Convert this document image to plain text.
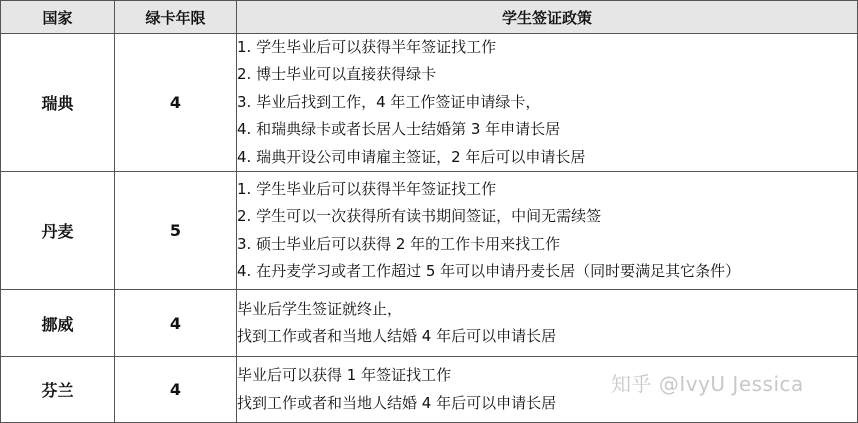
国家	绿卡年限	学生签证政策
瑞典	4	1. 学生毕业后可以获得半年签证找工作
2. 博士毕业可以直接获得绿卡
3. 毕业后找到工作，4 年工作签证申请绿卡，
4. 和瑞典绿卡或者长居人士结婚第 3 年申请长居
4. 瑞典开设公司申请雇主签证，2 年后可以申请长居

丹麦	5	1. 学生毕业后可以获得半年签证找工作
2. 学生可以一次获得所有读书期间签证，中间无需续签
3. 硕士毕业后可以获得 2 年的工作卡用来找工作
4. 在丹麦学习或者工作超过 5 年可以申请丹麦长居（同时要满足其它条件）

挪威	4	毕业后学生签证就终止，
找到工作或者和当地人结婚 4 年后可以申请长居

芬兰	4	毕业后可以获得 1 年签证找工作
找到工作或者和当地人结婚 4 年后可以申请长居
知乎 @IvyU Jessica
